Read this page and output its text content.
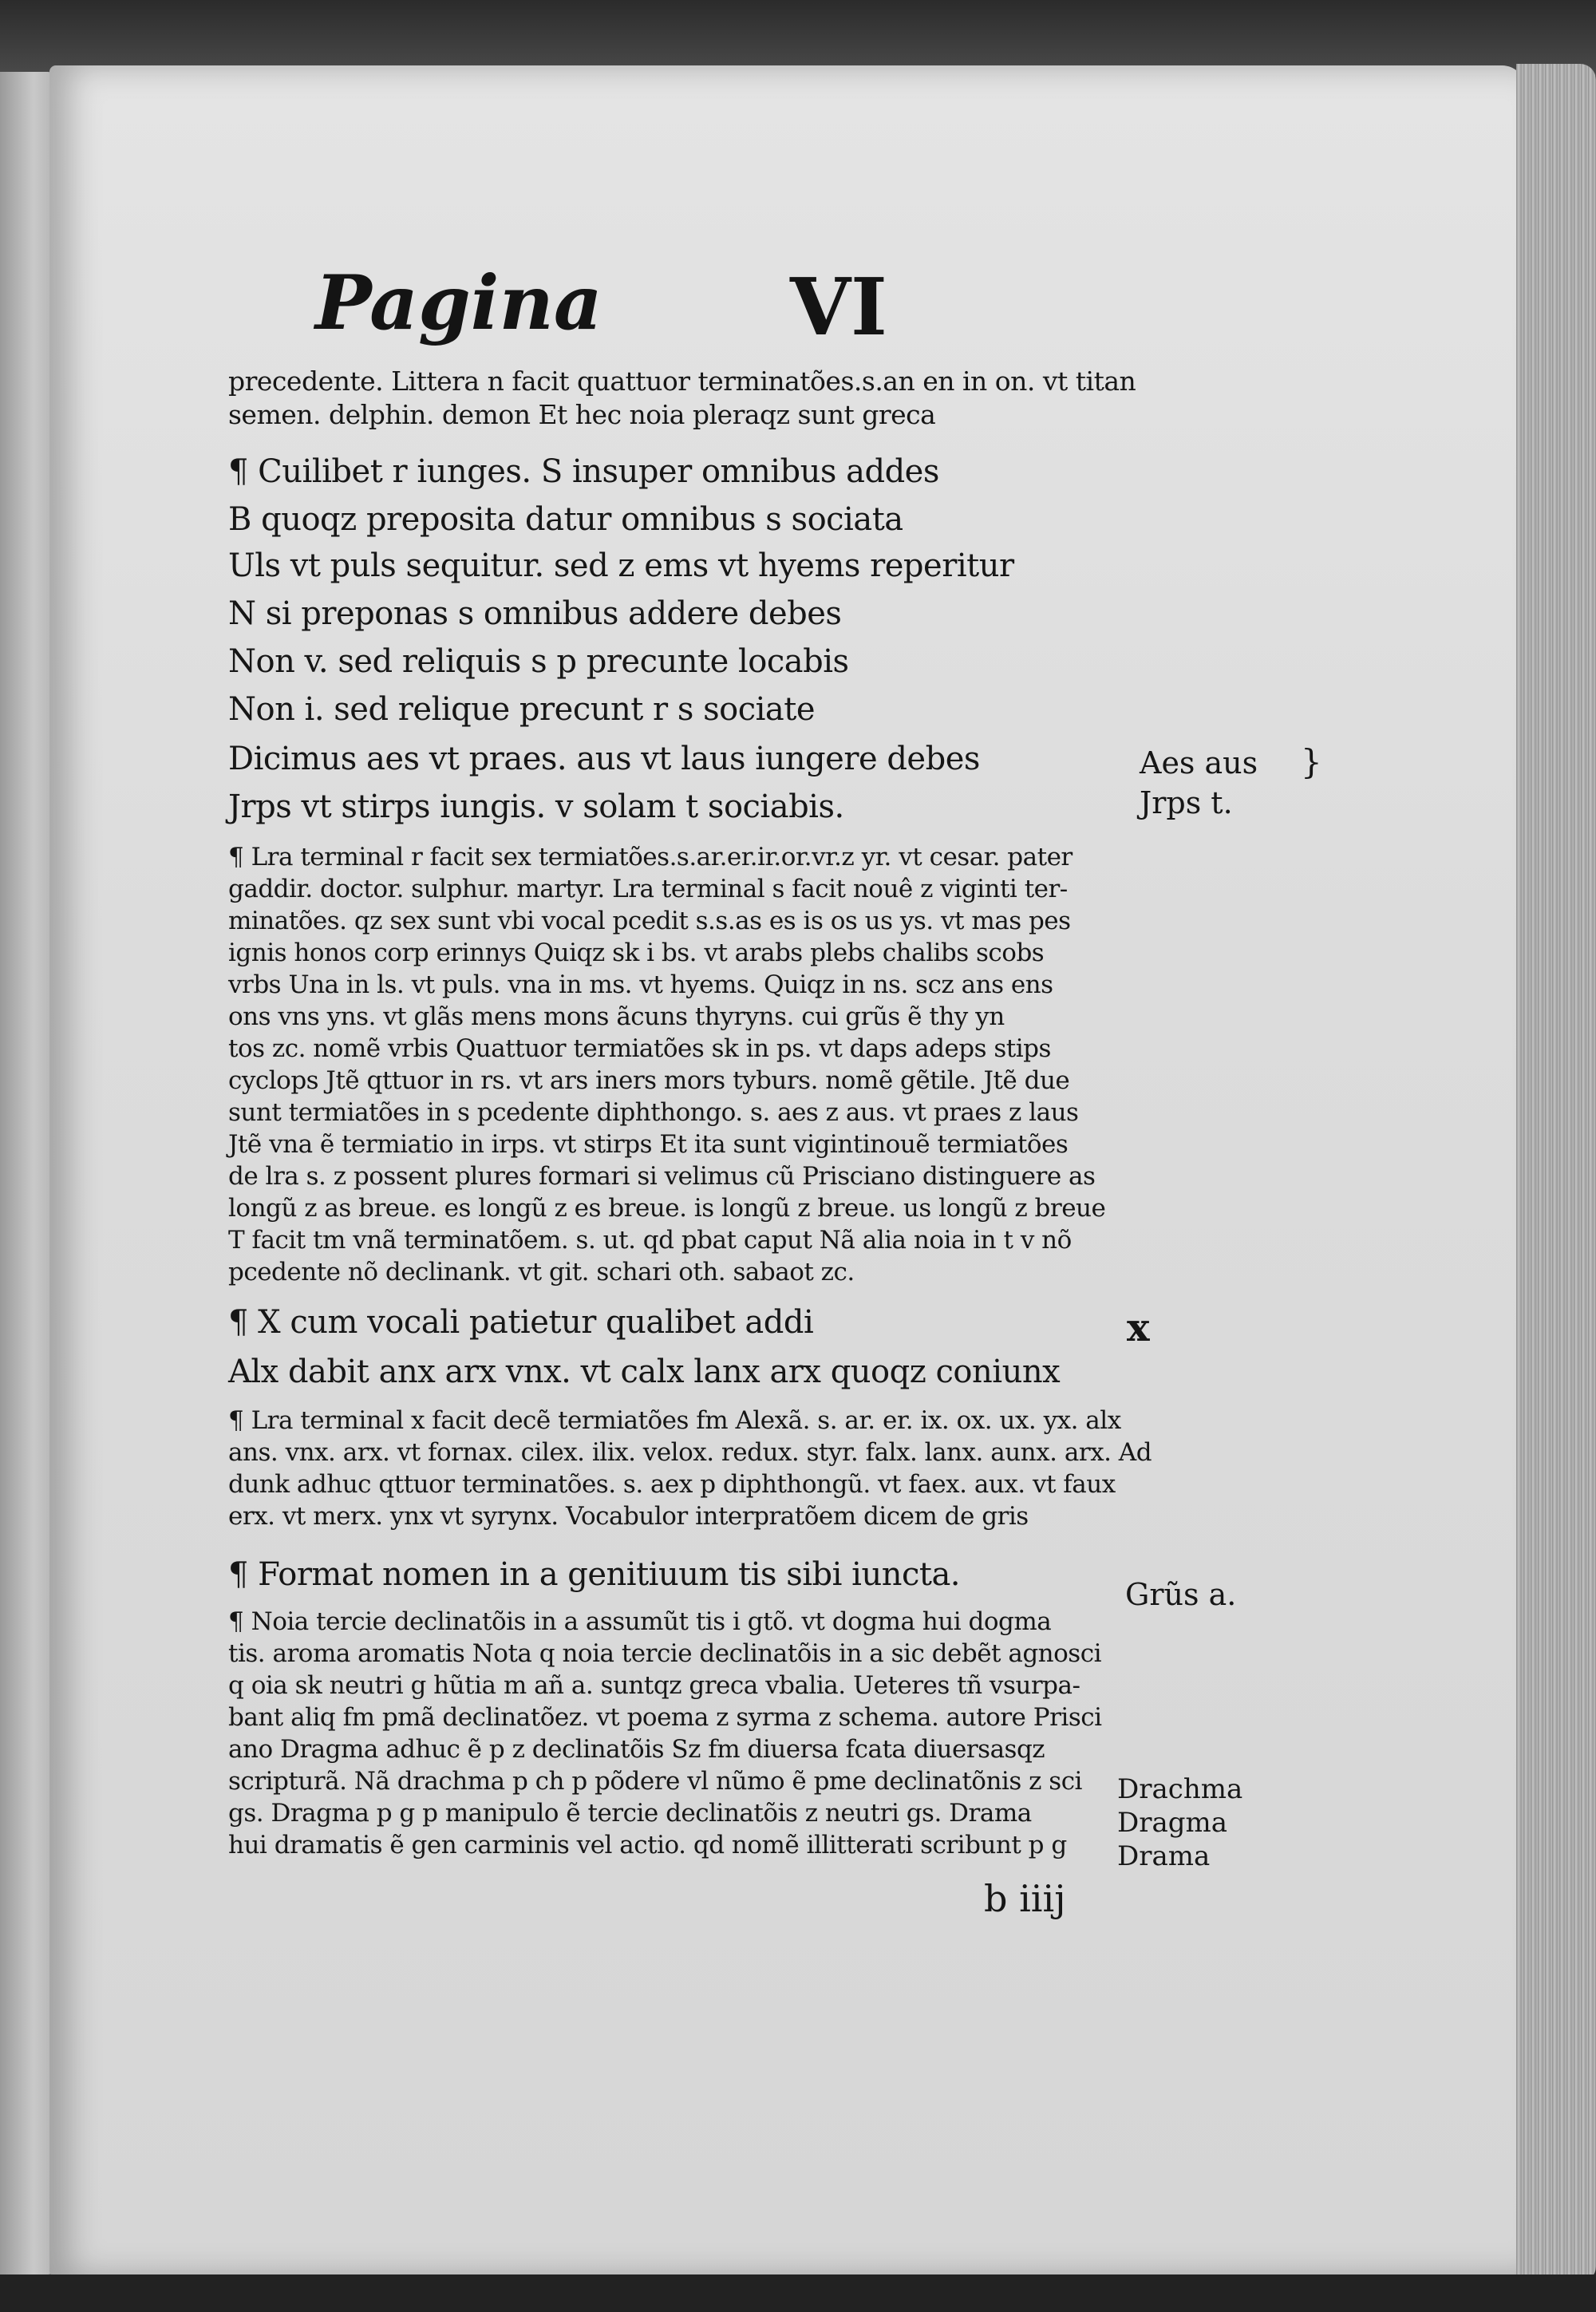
Pagina VI
precedente. Littera n facit quattuor terminatões.s.an en in on. vt titan
semen. delphin. demon Et hec noia pleraqz sunt greca
¶ Cuilibet r iunges. S insuper omnibus addes
B quoqz preposita datur omnibus s sociata
Uls vt puls sequitur. sed z ems vt hyems reperitur
N si preponas s omnibus addere debes
Non v. sed reliquis s p precunte locabis
Non i. sed relique precunt r s sociate
Dicimus aes vt praes. aus vt laus iungere debes
Jrps vt stirps iungis. v solam t sociabis.
¶ Lra terminal r facit sex termiatões.s.ar.er.ir.or.vr.z yr. vt cesar. pater
gaddir. doctor. sulphur. martyr. Lra terminal s facit nouê z viginti ter-
minatões. qz sex sunt vbi vocal pcedit s.s.as es is os us ys. vt mas pes
ignis honos corp erinnys Quiqz sk i bs. vt arabs plebs chalibs scobs
vrbs Una in ls. vt puls. vna in ms. vt hyems. Quiqz in ns. scz ans ens
ons vns yns. vt glãs mens mons ãcuns thyryns. cui grũs ẽ thy yn
tos zc. nomẽ vrbis Quattuor termiatões sk in ps. vt daps adeps stips
cyclops Jtẽ qttuor in rs. vt ars iners mors tyburs. nomẽ gẽtile. Jtẽ due
sunt termiatões in s pcedente diphthongo. s. aes z aus. vt praes z laus
Jtẽ vna ẽ termiatio in irps. vt stirps Et ita sunt vigintinouẽ termiatões
de lra s. z possent plures formari si velimus cũ Prisciano distinguere as
longũ z as breue. es longũ z es breue. is longũ z breue. us longũ z breue
T facit tm vnã terminatõem. s. ut. qd pbat caput Nã alia noia in t v nõ
pcedente nõ declinank. vt git. schari oth. sabaot zc.
¶ X cum vocali patietur qualibet addi
Alx dabit anx arx vnx. vt calx lanx arx quoqz coniunx
¶ Lra terminal x facit decẽ termiatões fm Alexã. s. ar. er. ix. ox. ux. yx. alx
ans. vnx. arx. vt fornax. cilex. ilix. velox. redux. styr. falx. lanx. aunx. arx. Ad
dunk adhuc qttuor terminatões. s. aex p diphthongũ. vt faex. aux. vt faux
erx. vt merx. ynx vt syrynx. Vocabulor interpratõem dicem de gris
¶ Format nomen in a genitiuum tis sibi iuncta.
¶ Noia tercie declinatõis in a assumũt tis i gtõ. vt dogma hui dogma
tis. aroma aromatis Nota q noia tercie declinatõis in a sic debẽt agnosci
q oia sk neutri g hũtia m añ a. suntqz greca vbalia. Ueteres tñ vsurpa-
bant aliq fm pmã declinatõez. vt poema z syrma z schema. autore Prisci
ano Dragma adhuc ẽ p z declinatõis Sz fm diuersa fcata diuersasqz
scripturã. Nã drachma p ch p põdere vl nũmo ẽ pme declinatõnis z sci
gs. Dragma p g p manipulo ẽ tercie declinatõis z neutri gs. Drama
hui dramatis ẽ gen carminis vel actio. qd nomẽ illitterati scribunt p g
Aes aus }
Jrps t.
x
Grũs a.
Drachma
Dragma
Drama
b iiij
